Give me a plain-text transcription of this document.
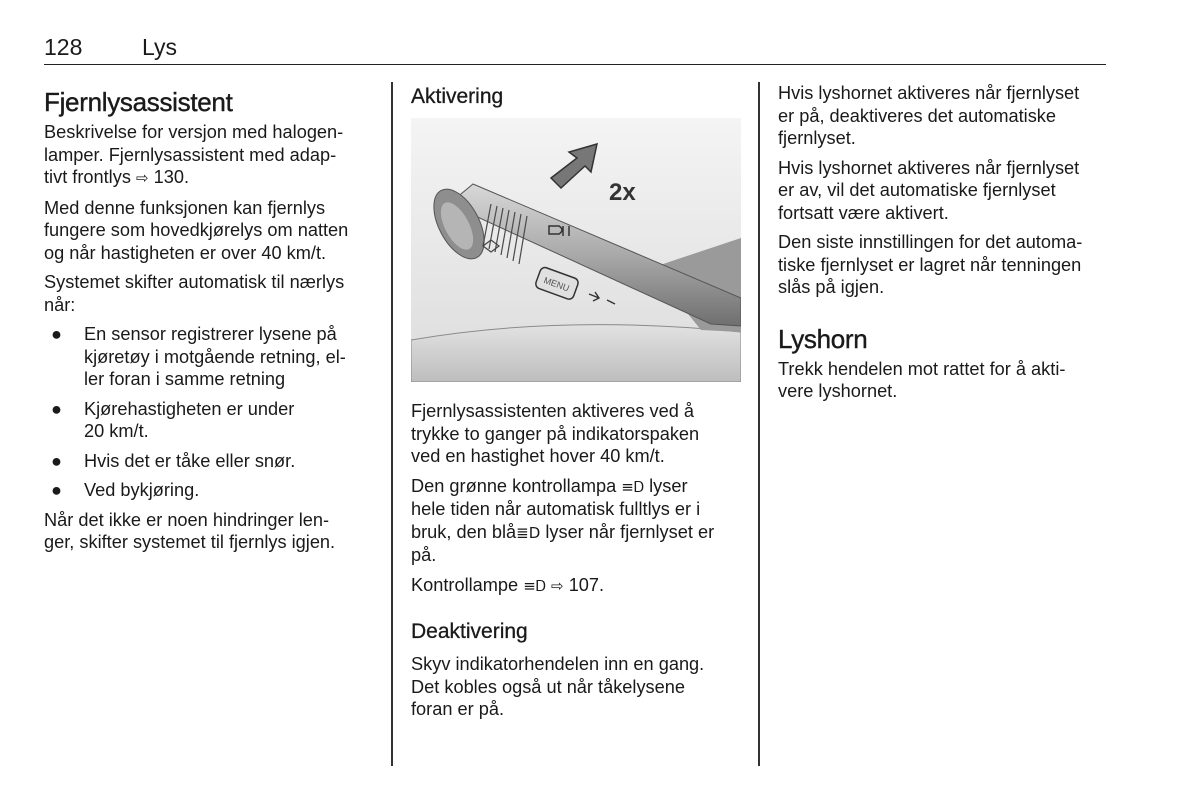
128	Lys
Fjernlysassistent

Beskrivelse for versjon med halogen-
lamper. Fjernlysassistent med adap-
tivt frontlys ⇨ 130.

Med denne funksjonen kan fjernlys
fungere som hovedkjørelys om natten
og når hastigheten er over 40 km/t.

Systemet skifter automatisk til nærlys
når:

● En sensor registrerer lysene på
kjøretøy i motgående retning, el-
ler foran i samme retning
● Kjørehastigheten er under
20 km/t.
● Hvis det er tåke eller snør.
● Ved bykjøring.

Når det ikke er noen hindringer len-
ger, skifter systemet til fjernlys igjen.

Aktivering
MENU
2x

Fjernlysassistenten aktiveres ved å
trykke to ganger på indikatorspaken
ved en hastighet hover 40 km/t.

Den grønne kontrollampa ≡Ꭰ lyser
hele tiden når automatisk fulltlys er i
bruk, den blå≣D lyser når fjernlyset er
på.

Kontrollampe ≡Ꭰ ⇨ 107.

Deaktivering

Skyv indikatorhendelen inn en gang.
Det kobles også ut når tåkelysene
foran er på.

Hvis lyshornet aktiveres når fjernlyset
er på, deaktiveres det automatiske
fjernlyset.

Hvis lyshornet aktiveres når fjernlyset
er av, vil det automatiske fjernlyset
fortsatt være aktivert.

Den siste innstillingen for det automa-
tiske fjernlyset er lagret når tenningen
slås på igjen.

Lyshorn

Trekk hendelen mot rattet for å akti-
vere lyshornet.
